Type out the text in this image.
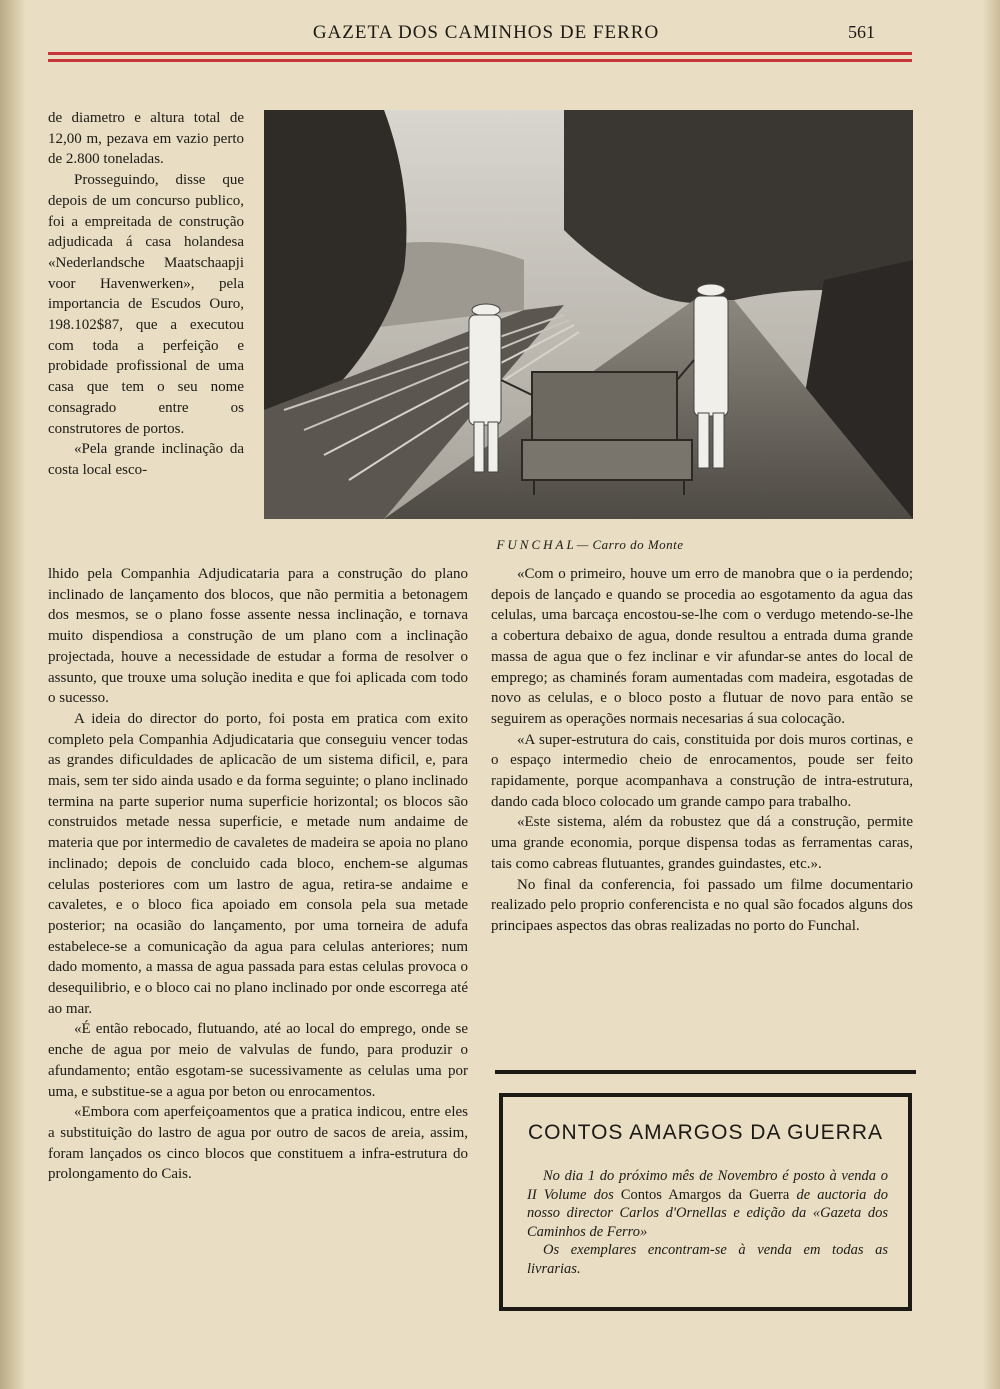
GAZETA DOS CAMINHOS DE FERRO	561

de diametro e altura total de 12,00 m, pezava em vazio perto de 2.800 toneladas.

Prosseguindo, disse que depois de um concurso publico, foi a empreitada de construção adjudicada á casa holandesa «Nederlandsche Maatschaapji voor Havenwerken», pela importancia de Escudos Ouro, 198.102$87, que a executou com toda a perfeição e probidade profissional de uma casa que tem o seu nome consagrado entre os construtores de portos.

«Pela grande inclinação da costa local esco-

FUNCHAL— Carro do Monte

lhido pela Companhia Adjudicataria para a construção do plano inclinado de lançamento dos blocos, que não permitia a betonagem dos mesmos, se o plano fosse assente nessa inclinação, e tornava muito dispendiosa a construção de um plano com a inclinação projectada, houve a necessidade de estudar a forma de resolver o assunto, que trouxe uma solução inedita e que foi aplicada com todo o sucesso.

A ideia do director do porto, foi posta em pratica com exito completo pela Companhia Adjudicataria que conseguiu vencer todas as grandes dificuldades de aplicacão de um sistema dificil, e, para mais, sem ter sido ainda usado e da forma seguinte; o plano inclinado termina na parte superior numa superficie horizontal; os blocos são construidos metade nessa superficie, e metade num andaime de materia que por intermedio de cavaletes de madeira se apoia no plano inclinado; depois de concluido cada bloco, enchem-se algumas celulas posteriores com um lastro de agua, retira-se andaime e cavaletes, e o bloco fica apoiado em consola pela sua metade posterior; na ocasião do lançamento, por uma torneira de adufa estabelece-se a comunicação da agua para celulas anteriores; num dado momento, a massa de agua passada para estas celulas provoca o desequilibrio, e o bloco cai no plano inclinado por onde escorrega até ao mar.

«É então rebocado, flutuando, até ao local do emprego, onde se enche de agua por meio de valvulas de fundo, para produzir o afundamento; então esgotam-se sucessivamente as celulas uma por uma, e substitue-se a agua por beton ou enrocamentos.

«Embora com aperfeiçoamentos que a pratica indicou, entre eles a substituição do lastro de agua por outro de sacos de areia, assim, foram lançados os cinco blocos que constituem a infra-estrutura do prolongamento do Cais.

«Com o primeiro, houve um erro de manobra que o ia perdendo; depois de lançado e quando se procedia ao esgotamento da agua das celulas, uma barcaça encostou-se-lhe com o verdugo metendo-se-lhe a cobertura debaixo de agua, donde resultou a entrada duma grande massa de agua que o fez inclinar e vir afundar-se antes do local de emprego; as chaminés foram aumentadas com madeira, esgotadas de novo as celulas, e o bloco posto a flutuar de novo para então se seguirem as operações normais necesarias á sua colocação.

«A super-estrutura do cais, constituida por dois muros cortinas, e o espaço intermedio cheio de enrocamentos, poude ser feito rapidamente, porque acompanhava a construção de intra-estrutura, dando cada bloco colocado um grande campo para trabalho.

«Este sistema, além da robustez que dá a construção, permite uma grande economia, porque dispensa todas as ferramentas caras, tais como cabreas flutuantes, grandes guindastes, etc.».

No final da conferencia, foi passado um filme documentario realizado pelo proprio conferencista e no qual são focados alguns dos principaes aspectos das obras realizadas no porto do Funchal.

CONTOS AMARGOS DA GUERRA

No dia 1 do próximo mês de Novembro é posto à venda o II Volume dos Contos Amargos da Guerra de auctoria do nosso director Carlos d'Ornellas e edição da «Gazeta dos Caminhos de Ferro»

Os exemplares encontram-se à venda em todas as livrarias.
